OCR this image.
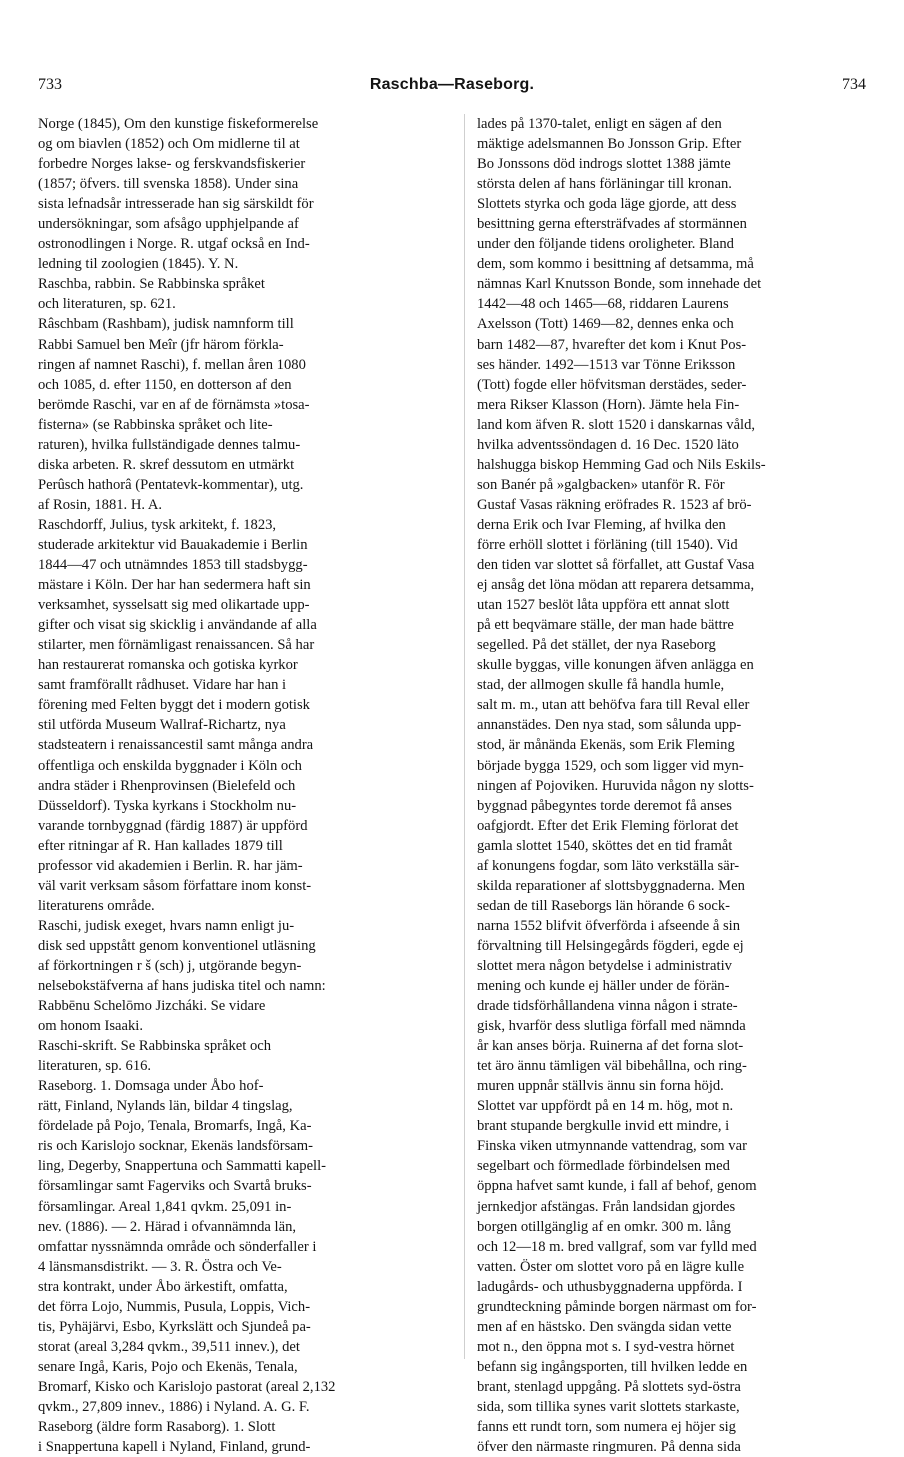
733	Raschba—Raseborg.	734
Norge (1845), Om den kunstige fiskeformerelse
og om biavlen (1852) och Om midlerne til at
forbedre Norges lakse- og ferskvandsfiskerier
(1857; öfvers. till svenska 1858). Under sina
sista lefnadsår intresserade han sig särskildt för
undersökningar, som afsågo upphjelpande af
ostronodlingen i Norge. R. utgaf också en Ind-
ledning til zoologien (1845). Y. N.
Raschba, rabbin. Se Rabbinska språket
och literaturen, sp. 621.
Râschbam (Rashbam), judisk namnform till
Rabbi Samuel ben Meîr (jfr härom förkla-
ringen af namnet Raschi), f. mellan åren 1080
och 1085, d. efter 1150, en dotterson af den
berömde Raschi, var en af de förnämsta »tosa-
fisterna» (se Rabbinska språket och lite-
raturen), hvilka fullständigade dennes talmu-
diska arbeten. R. skref dessutom en utmärkt
Perûsch hathorâ (Pentatevk-kommentar), utg.
af Rosin, 1881. H. A.
Raschdorff, Julius, tysk arkitekt, f. 1823,
studerade arkitektur vid Bauakademie i Berlin
1844—47 och utnämndes 1853 till stadsbygg-
mästare i Köln. Der har han sedermera haft sin
verksamhet, sysselsatt sig med olikartade upp-
gifter och visat sig skicklig i användande af alla
stilarter, men förnämligast renaissancen. Så har
han restaurerat romanska och gotiska kyrkor
samt framförallt rådhuset. Vidare har han i
förening med Felten byggt det i modern gotisk
stil utförda Museum Wallraf-Richartz, nya
stadsteatern i renaissancestil samt många andra
offentliga och enskilda byggnader i Köln och
andra städer i Rhenprovinsen (Bielefeld och
Düsseldorf). Tyska kyrkans i Stockholm nu-
varande tornbyggnad (färdig 1887) är uppförd
efter ritningar af R. Han kallades 1879 till
professor vid akademien i Berlin. R. har jäm-
väl varit verksam såsom författare inom konst-
literaturens område.
Raschi, judisk exeget, hvars namn enligt ju-
disk sed uppstått genom konventionel utläsning
af förkortningen r š (sch) j, utgörande begyn-
nelsebokstäfverna af hans judiska titel och namn:
Rabbēnu Schelōmo Jizcháki. Se vidare
om honom Isaaki.
Raschi-skrift. Se Rabbinska språket och
literaturen, sp. 616.
Raseborg. 1. Domsaga under Åbo hof-
rätt, Finland, Nylands län, bildar 4 tingslag,
fördelade på Pojo, Tenala, Bromarfs, Ingå, Ka-
ris och Karislojo socknar, Ekenäs landsförsam-
ling, Degerby, Snappertuna och Sammatti kapell-
församlingar samt Fagerviks och Svartå bruks-
församlingar. Areal 1,841 qvkm. 25,091 in-
nev. (1886). — 2. Härad i ofvannämnda län,
omfattar nyssnämnda område och sönderfaller i
4 länsmansdistrikt. — 3. R. Östra och Ve-
stra kontrakt, under Åbo ärkestift, omfatta,
det förra Lojo, Nummis, Pusula, Loppis, Vich-
tis, Pyhäjärvi, Esbo, Kyrkslätt och Sjundeå pa-
storat (areal 3,284 qvkm., 39,511 innev.), det
senare Ingå, Karis, Pojo och Ekenäs, Tenala,
Bromarf, Kisko och Karislojo pastorat (areal 2,132
qvkm., 27,809 innev., 1886) i Nyland. A. G. F.
Raseborg (äldre form Rasaborg). 1. Slott
i Snappertuna kapell i Nyland, Finland, grund-
lades på 1370-talet, enligt en sägen af den
mäktige adelsmannen Bo Jonsson Grip. Efter
Bo Jonssons död indrogs slottet 1388 jämte
största delen af hans förläningar till kronan.
Slottets styrka och goda läge gjorde, att dess
besittning gerna eftersträfvades af stormännen
under den följande tidens oroligheter. Bland
dem, som kommo i besittning af detsamma, må
nämnas Karl Knutsson Bonde, som innehade det
1442—48 och 1465—68, riddaren Laurens
Axelsson (Tott) 1469—82, dennes enka och
barn 1482—87, hvarefter det kom i Knut Pos-
ses händer. 1492—1513 var Tönne Eriksson
(Tott) fogde eller höfvitsman derstädes, seder-
mera Rikser Klasson (Horn). Jämte hela Fin-
land kom äfven R. slott 1520 i danskarnas våld,
hvilka adventssöndagen d. 16 Dec. 1520 läto
halshugga biskop Hemming Gad och Nils Eskils-
son Banér på »galgbacken» utanför R. För
Gustaf Vasas räkning eröfrades R. 1523 af brö-
derna Erik och Ivar Fleming, af hvilka den
förre erhöll slottet i förläning (till 1540). Vid
den tiden var slottet så förfallet, att Gustaf Vasa
ej ansåg det löna mödan att reparera detsamma,
utan 1527 beslöt låta uppföra ett annat slott
på ett beqvämare ställe, der man hade bättre
segelled. På det stället, der nya Raseborg
skulle byggas, ville konungen äfven anlägga en
stad, der allmogen skulle få handla humle,
salt m. m., utan att behöfva fara till Reval eller
annanstädes. Den nya stad, som sålunda upp-
stod, är månända Ekenäs, som Erik Fleming
började bygga 1529, och som ligger vid myn-
ningen af Pojoviken. Huruvida någon ny slotts-
byggnad påbegyntes torde deremot få anses
oafgjordt. Efter det Erik Fleming förlorat det
gamla slottet 1540, sköttes det en tid framåt
af konungens fogdar, som läto verkställa sär-
skilda reparationer af slottsbyggnaderna. Men
sedan de till Raseborgs län hörande 6 sock-
narna 1552 blifvit öfverförda i afseende å sin
förvaltning till Helsingegårds fögderi, egde ej
slottet mera någon betydelse i administrativ
mening och kunde ej häller under de förän-
drade tidsförhållandena vinna någon i strate-
gisk, hvarför dess slutliga förfall med nämnda
år kan anses börja. Ruinerna af det forna slot-
tet äro ännu tämligen väl bibehållna, och ring-
muren uppnår ställvis ännu sin forna höjd.
Slottet var uppfördt på en 14 m. hög, mot n.
brant stupande bergkulle invid ett mindre, i
Finska viken utmynnande vattendrag, som var
segelbart och förmedlade förbindelsen med
öppna hafvet samt kunde, i fall af behof, genom
jernkedjor afstängas. Från landsidan gjordes
borgen otillgänglig af en omkr. 300 m. lång
och 12—18 m. bred vallgraf, som var fylld med
vatten. Öster om slottet voro på en lägre kulle
ladugårds- och uthusbyggnaderna uppförda. I
grundteckning påminde borgen närmast om for-
men af en hästsko. Den svängda sidan vette
mot n., den öppna mot s. I syd-vestra hörnet
befann sig ingångsporten, till hvilken ledde en
brant, stenlagd uppgång. På slottets syd-östra
sida, som tillika synes varit slottets starkaste,
fanns ett rundt torn, som numera ej höjer sig
öfver den närmaste ringmuren. På denna sida
